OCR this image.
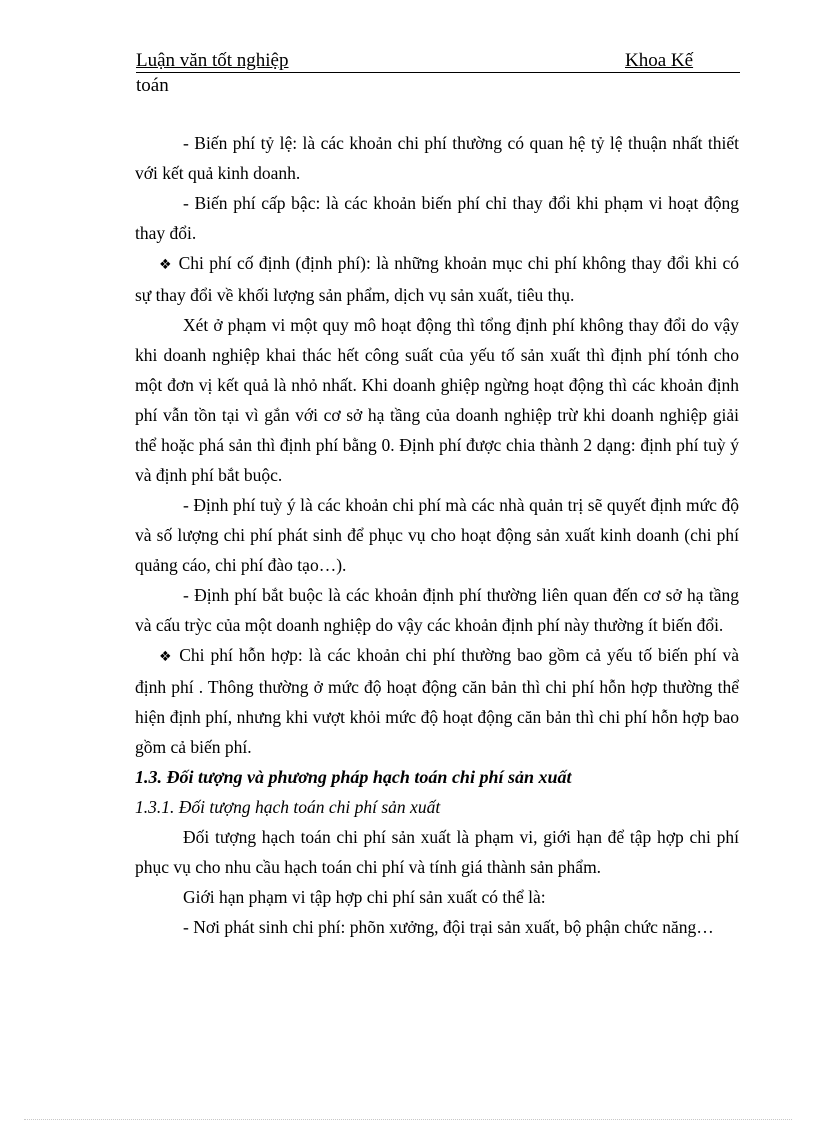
Luận văn tốt nghiệp	Khoa Kế
toán

- Biến phí tỷ lệ: là các khoản chi phí thường có quan hệ tỷ lệ thuận nhất thiết với kết quả kinh doanh.

- Biến phí cấp bậc: là các khoản biến phí chỉ thay đổi khi phạm vi hoạt động thay đổi.

❖ Chi phí cố định (định phí): là những khoản mục chi phí không thay đổi khi có sự thay đổi về khối lượng sản phẩm, dịch vụ sản xuất, tiêu thụ.

Xét ở phạm vi một quy mô hoạt động thì tổng định phí không thay đổi do vậy khi doanh nghiệp khai thác hết công suất của yếu tố sản xuất thì định phí tónh cho một đơn vị kết quả là nhỏ nhất. Khi doanh ghiệp ngừng hoạt động thì các khoản định phí vẫn tồn tại vì gắn với cơ sở hạ tầng của doanh nghiệp trừ khi doanh nghiệp giải thể hoặc phá sản thì định phí bằng 0. Định phí được chia thành 2 dạng: định phí tuỳ ý và định phí bắt buộc.

- Định phí tuỳ ý là các khoản chi phí mà các nhà quản trị sẽ quyết định mức độ và số lượng chi phí phát sinh để phục vụ cho hoạt động sản xuất kinh doanh (chi phí quảng cáo, chi phí đào tạo…).

- Định phí bắt buộc là các khoản định phí thường liên quan đến cơ sở hạ tầng và cấu trỳc của một doanh nghiệp do vậy các khoản định phí này thường ít biến đổi.

❖ Chi phí hỗn hợp: là các khoản chi phí thường bao gồm cả yếu tố biến phí và định phí . Thông thường ở mức độ hoạt động căn bản thì chi phí hỗn hợp thường thể hiện định phí, nhưng khi vượt khỏi mức độ hoạt động căn bản thì chi phí hỗn hợp bao gồm cả biến phí.

1.3. Đối tượng và phương pháp hạch toán chi phí sản xuất

1.3.1. Đối tượng hạch toán chi phí sản xuất

Đối tượng hạch toán chi phí sản xuất là phạm vi, giới hạn để tập hợp chi phí phục vụ cho nhu cầu hạch toán chi phí và tính giá thành sản phẩm.

Giới hạn phạm vi tập hợp chi phí sản xuất có thể là:

- Nơi phát sinh chi phí: phõn xưởng, đội trại sản xuất, bộ phận chức năng…
